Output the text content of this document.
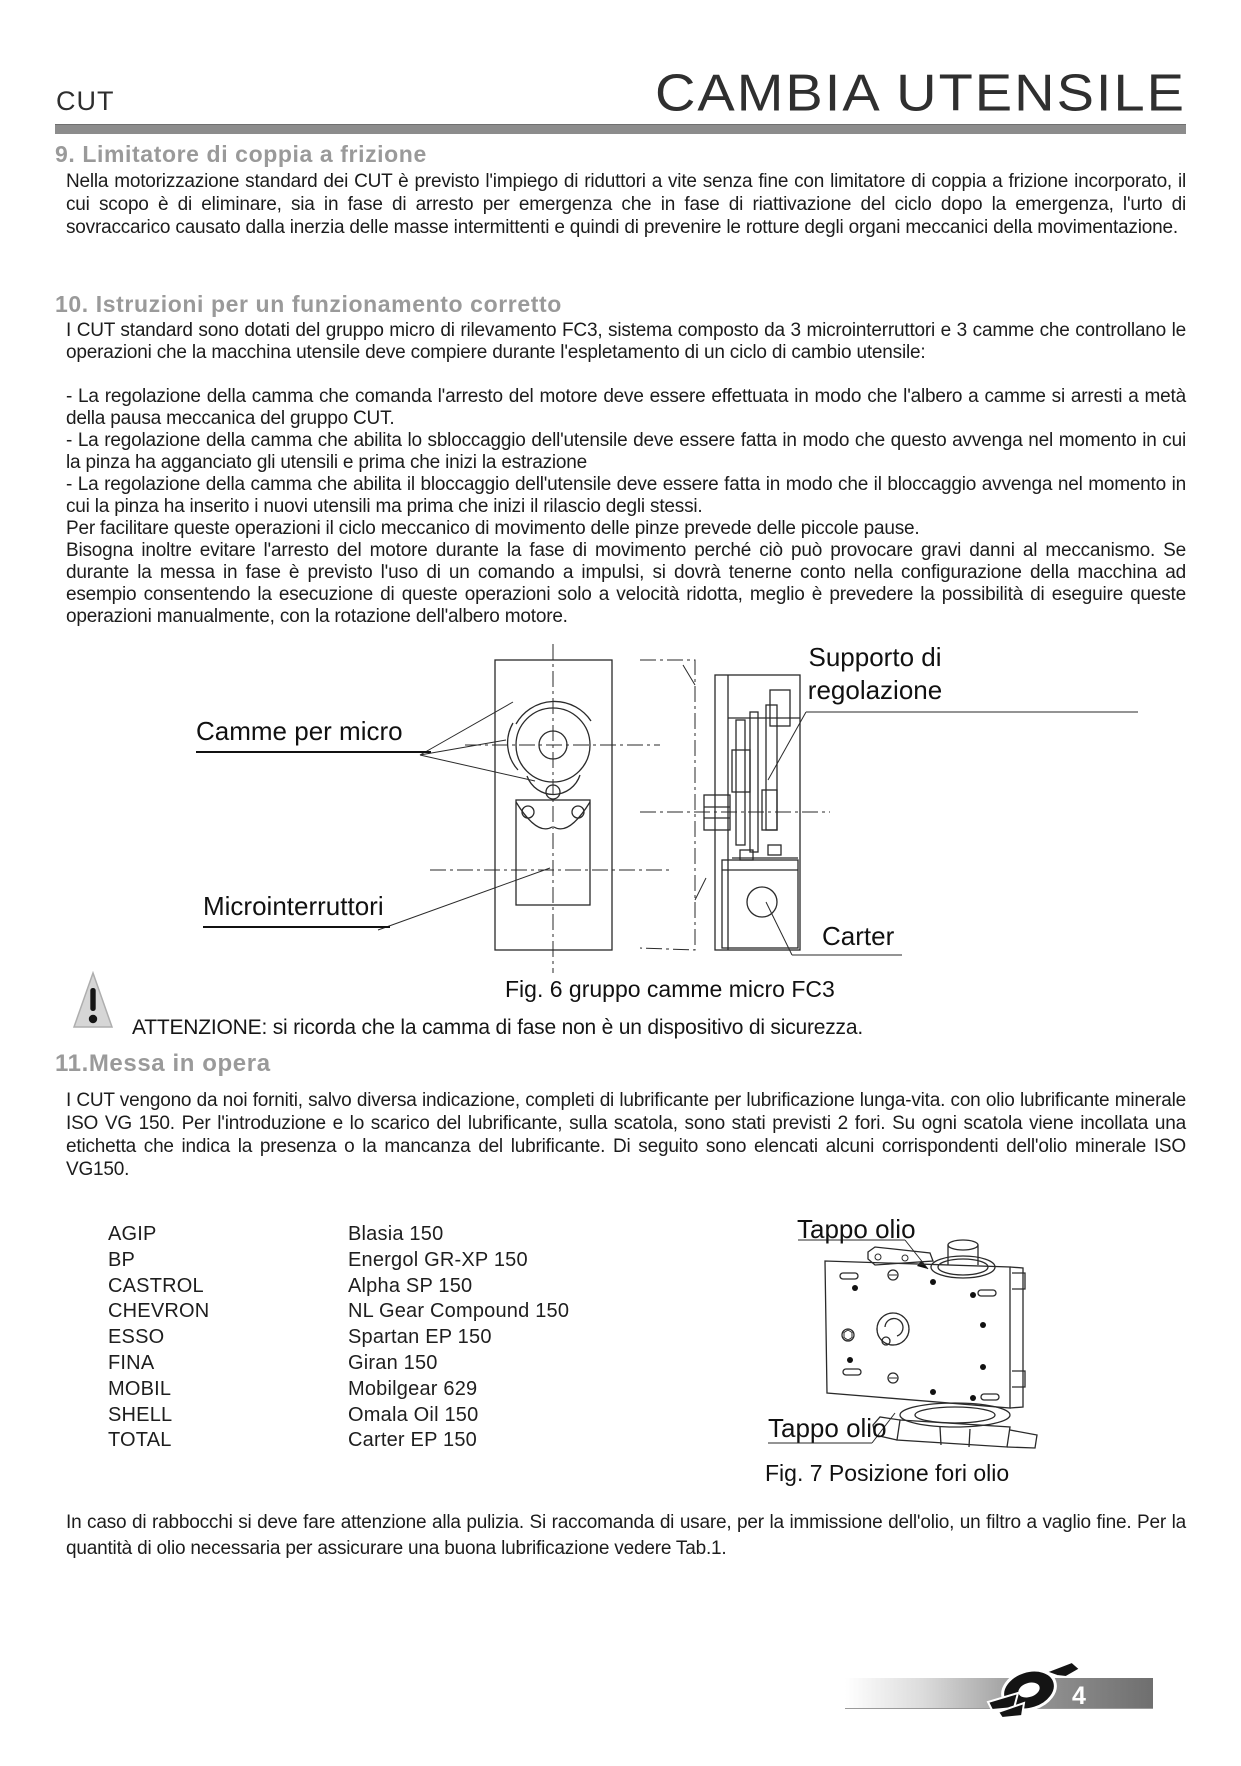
CUT	CAMBIA UTENSILE
9. Limitatore di coppia a frizione
Nella motorizzazione standard dei CUT è previsto l'impiego di riduttori a vite senza fine con limitatore di coppia a frizione incorporato, il cui scopo è di eliminare, sia in fase di arresto per emergenza che in fase di riattivazione del ciclo dopo la emergenza, l'urto di sovraccarico causato dalla inerzia delle masse intermittenti e quindi di prevenire le rotture degli organi meccanici della movimentazione.
10. Istruzioni per un funzionamento corretto
I CUT standard sono dotati del gruppo micro di rilevamento FC3, sistema composto da 3 microinterruttori e 3 camme che controllano le operazioni che la macchina utensile deve compiere durante l'espletamento di un ciclo di cambio utensile:
- La regolazione della camma che comanda l'arresto del motore deve essere effettuata in modo che l'albero a camme si arresti a metà della pausa meccanica del gruppo CUT.
- La regolazione della camma che abilita lo sbloccaggio dell'utensile deve essere fatta in modo che questo avvenga nel momento in cui la pinza ha agganciato gli utensili e prima che inizi la estrazione
- La regolazione della camma che abilita il bloccaggio dell'utensile deve essere fatta in modo che il bloccaggio avvenga nel momento in cui la pinza ha inserito i nuovi utensili ma prima che inizi il rilascio degli stessi.
Per facilitare queste operazioni il ciclo meccanico di movimento delle pinze prevede delle piccole pause.
Bisogna inoltre evitare l'arresto del motore durante la fase di movimento perché ciò può provocare gravi danni al meccanismo. Se durante la messa in fase è previsto l'uso di un comando a impulsi, si dovrà tenerne conto nella configurazione della macchina ad esempio consentendo la esecuzione di queste operazioni solo a velocità ridotta, meglio è prevedere la possibilità di eseguire queste operazioni manualmente, con la rotazione dell'albero motore.
Camme per micro
Microinterruttori
Supporto di regolazione
Carter
Fig. 6 gruppo camme micro FC3
ATTENZIONE: si ricorda che la camma di fase non è un dispositivo di sicurezza.
11.Messa in opera
I CUT vengono da noi forniti, salvo diversa indicazione, completi di lubrificante per lubrificazione lunga-vita. con olio lubrificante minerale ISO VG 150. Per l'introduzione e lo scarico del lubrificante, sulla scatola, sono stati previsti 2 fori. Su ogni scatola viene incollata una etichetta che indica la presenza o la mancanza del lubrificante. Di seguito sono elencati alcuni corrispondenti dell'olio minerale ISO VG150.
AGIP	Blasia 150
BP	Energol GR-XP 150
CASTROL	Alpha SP 150
CHEVRON	NL Gear Compound 150
ESSO	Spartan EP 150
FINA	Giran 150
MOBIL	Mobilgear 629
SHELL	Omala Oil 150
TOTAL	Carter EP 150
Tappo olio
Tappo olio
Fig. 7 Posizione fori olio
In caso di rabbocchi si deve fare attenzione alla pulizia. Si raccomanda di usare, per la immissione dell'olio, un filtro a vaglio fine. Per la quantità di olio necessaria per assicurare una buona lubrificazione vedere Tab.1.
4
